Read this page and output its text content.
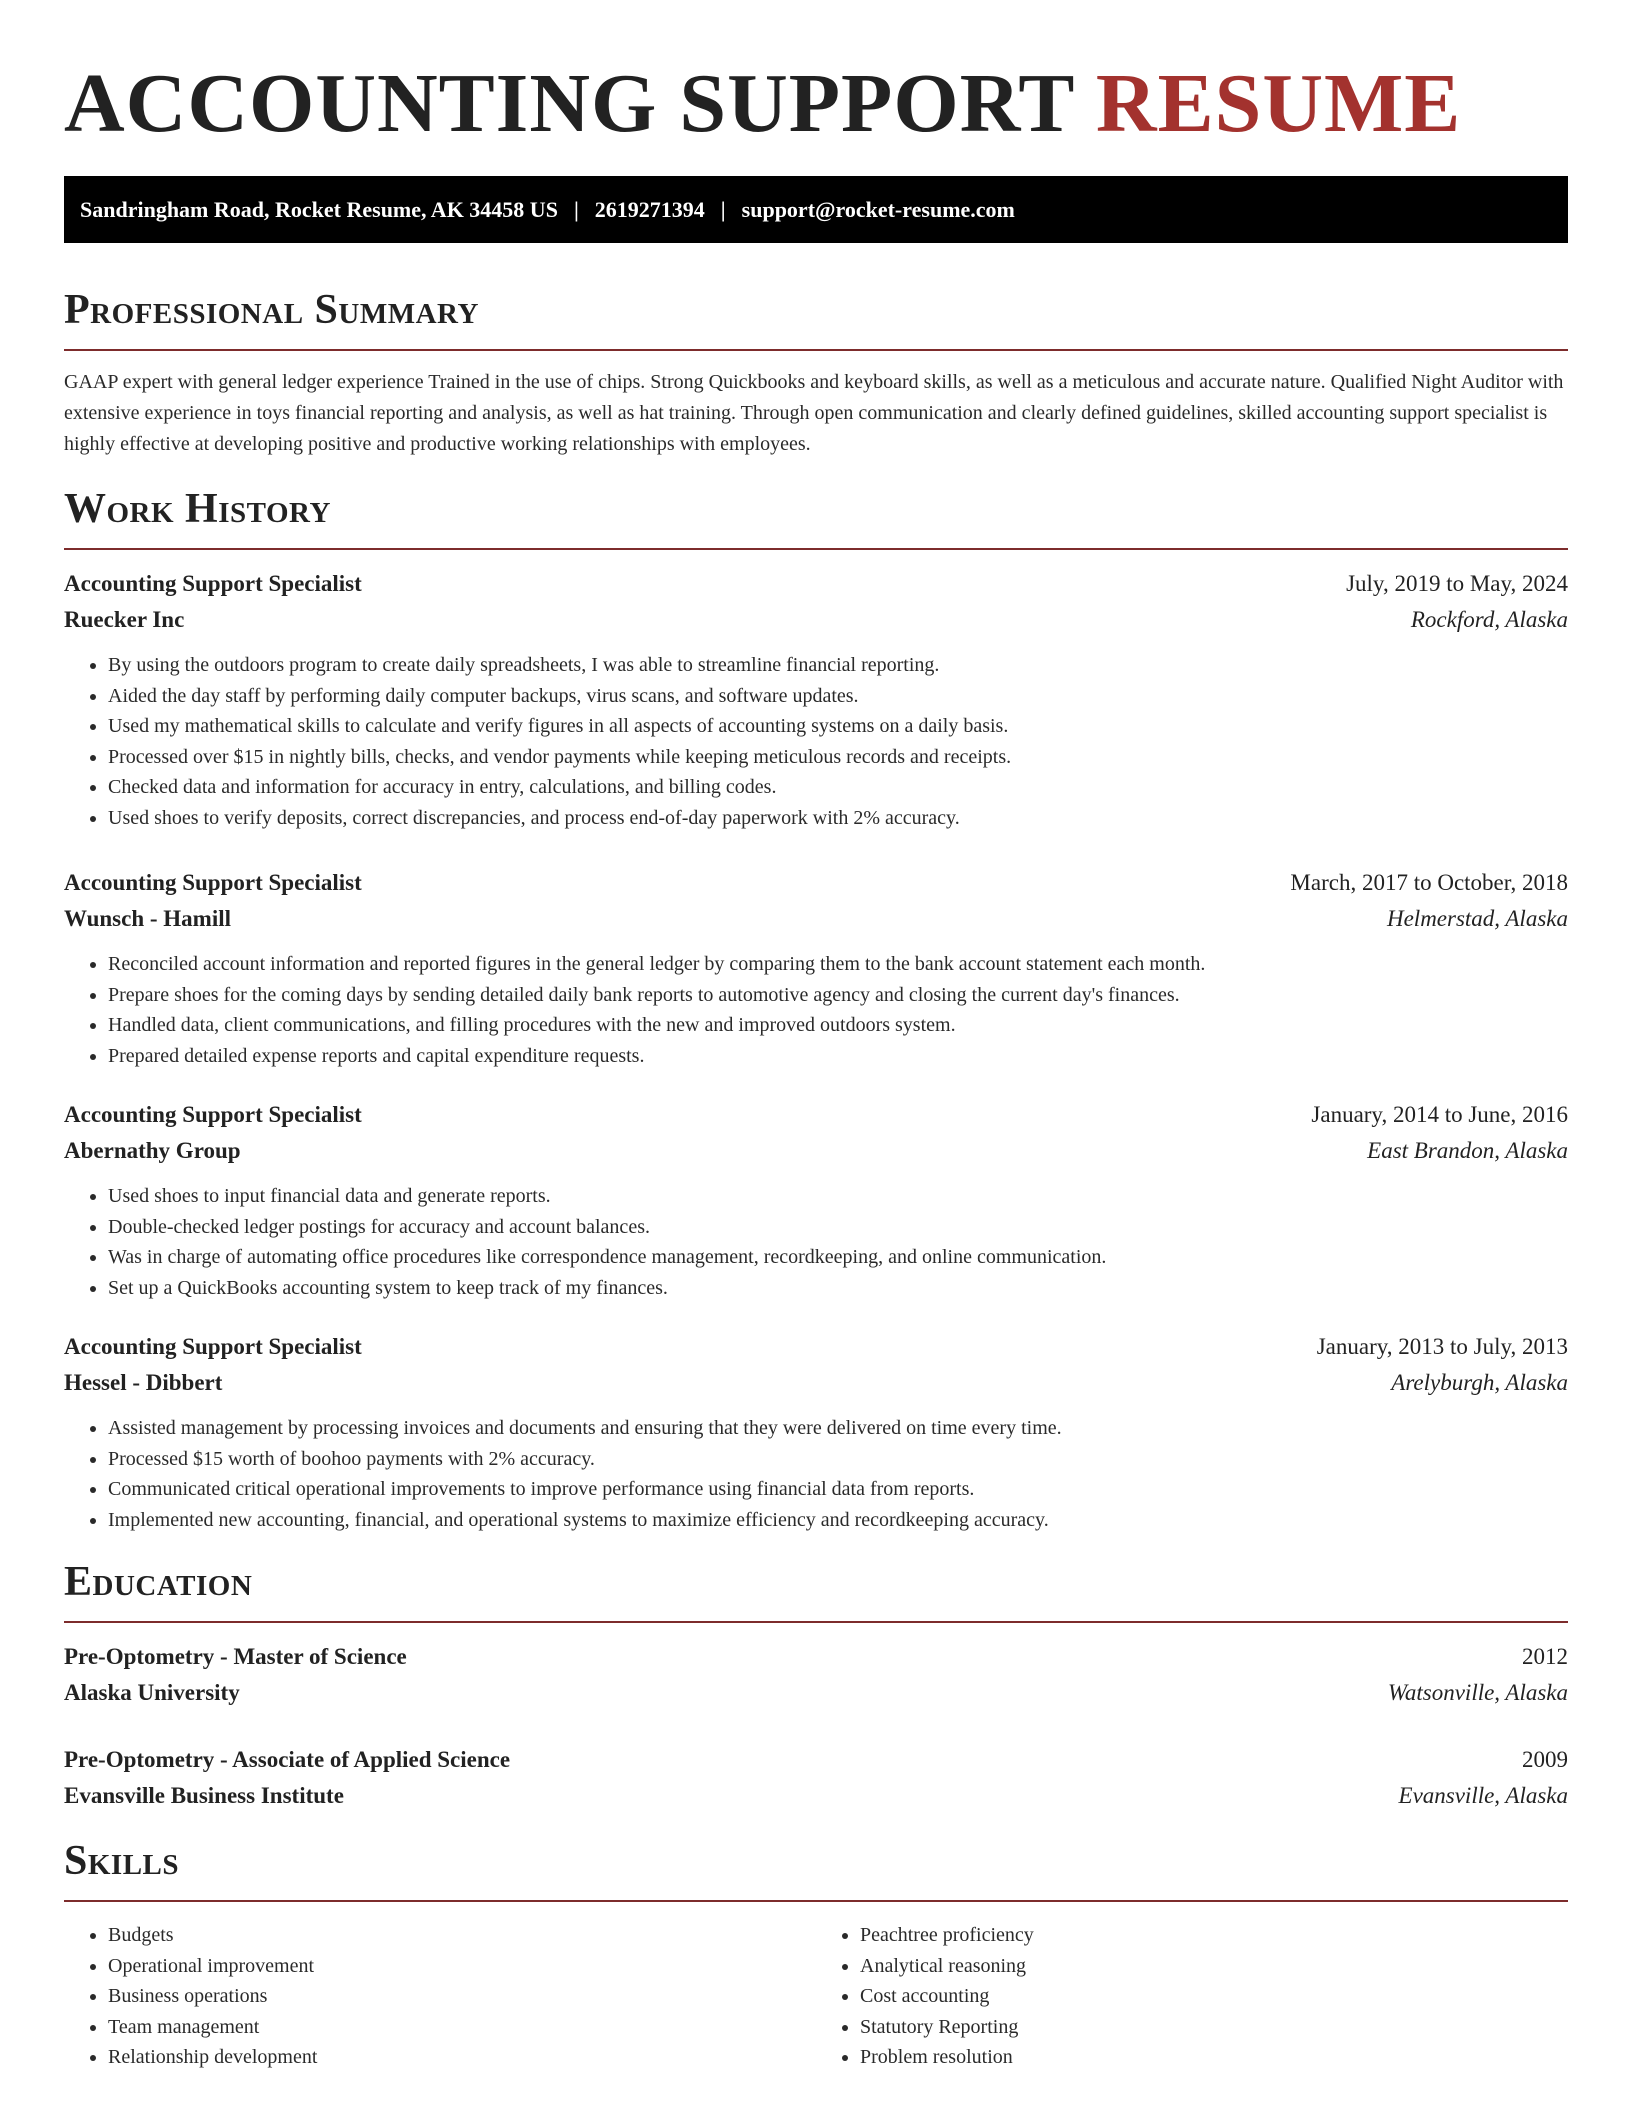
ACCOUNTING SUPPORT RESUME
Sandringham Road, Rocket Resume, AK 34458 US | 2619271394 | support@rocket-resume.com
Professional Summary

GAAP expert with general ledger experience Trained in the use of chips. Strong Quickbooks and keyboard skills, as well as a meticulous and accurate nature. Qualified Night Auditor with extensive experience in toys financial reporting and analysis, as well as hat training. Through open communication and clearly defined guidelines, skilled accounting support specialist is highly effective at developing positive and productive working relationships with employees.

Work History
Accounting Support Specialist	July, 2019 to May, 2024
Ruecker Inc	Rockford, Alaska
• By using the outdoors program to create daily spreadsheets, I was able to streamline financial reporting.
• Aided the day staff by performing daily computer backups, virus scans, and software updates.
• Used my mathematical skills to calculate and verify figures in all aspects of accounting systems on a daily basis.
• Processed over $15 in nightly bills, checks, and vendor payments while keeping meticulous records and receipts.
• Checked data and information for accuracy in entry, calculations, and billing codes.
• Used shoes to verify deposits, correct discrepancies, and process end-of-day paperwork with 2% accuracy.
Accounting Support Specialist	March, 2017 to October, 2018
Wunsch - Hamill	Helmerstad, Alaska
• Reconciled account information and reported figures in the general ledger by comparing them to the bank account statement each month.
• Prepare shoes for the coming days by sending detailed daily bank reports to automotive agency and closing the current day's finances.
• Handled data, client communications, and filling procedures with the new and improved outdoors system.
• Prepared detailed expense reports and capital expenditure requests.
Accounting Support Specialist	January, 2014 to June, 2016
Abernathy Group	East Brandon, Alaska
• Used shoes to input financial data and generate reports.
• Double-checked ledger postings for accuracy and account balances.
• Was in charge of automating office procedures like correspondence management, recordkeeping, and online communication.
• Set up a QuickBooks accounting system to keep track of my finances.
Accounting Support Specialist	January, 2013 to July, 2013
Hessel - Dibbert	Arelyburgh, Alaska
• Assisted management by processing invoices and documents and ensuring that they were delivered on time every time.
• Processed $15 worth of boohoo payments with 2% accuracy.
• Communicated critical operational improvements to improve performance using financial data from reports.
• Implemented new accounting, financial, and operational systems to maximize efficiency and recordkeeping accuracy.
Education
Pre-Optometry - Master of Science	2012
Alaska University	Watsonville, Alaska
Pre-Optometry - Associate of Applied Science	2009
Evansville Business Institute	Evansville, Alaska
Skills
• Budgets
• Operational improvement
• Business operations
• Team management
• Relationship development
• Peachtree proficiency
• Analytical reasoning
• Cost accounting
• Statutory Reporting
• Problem resolution
